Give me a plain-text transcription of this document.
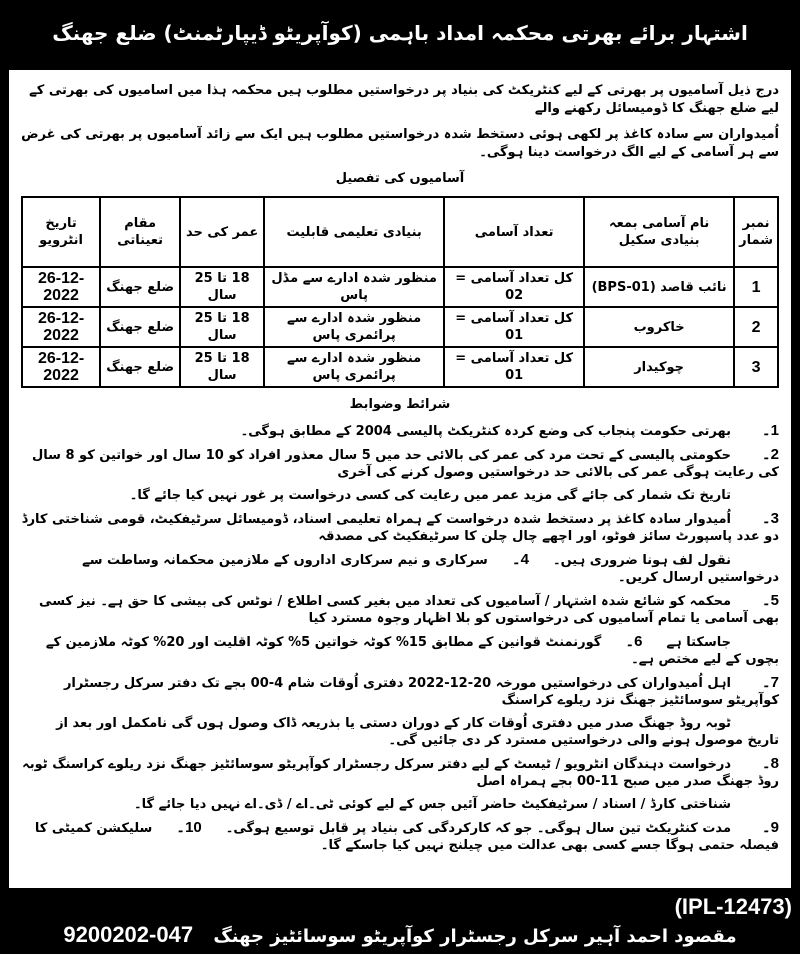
اشتہار برائے بھرتی محکمہ امداد باہمی (کوآپریٹو ڈیپارٹمنٹ) ضلع جھنگ
درج ذیل آسامیوں پر بھرتی کے لیے کنٹریکٹ کی بنیاد پر درخواستیں مطلوب ہیں محکمہ ہذا میں اسامیوں کی بھرتی کے لیے ضلع جھنگ کا ڈومیسائل رکھنے والے
اُمیدواران سے سادہ کاغذ پر لکھی ہوئی دستخط شدہ درخواستیں مطلوب ہیں ایک سے زائد آسامیوں پر بھرتی کی غرض سے ہر آسامی کے لیے الگ درخواست دینا ہوگی۔
آسامیوں کی تفصیل
نمبر شمار	نام آسامی بمعہ بنیادی سکیل	تعداد آسامی	بنیادی تعلیمی قابلیت	عمر کی حد	مقام تعیناتی	تاریخ انٹرویو
1	نائب قاصد (BPS-01)	کل تعداد آسامی = 02	منظور شدہ ادارے سے مڈل پاس	18 تا 25 سال	ضلع جھنگ	26-12-2022
2	خاکروب	کل تعداد آسامی = 01	منظور شدہ ادارے سے پرائمری پاس	18 تا 25 سال	ضلع جھنگ	26-12-2022
3	چوکیدار	کل تعداد آسامی = 01	منظور شدہ ادارے سے پرائمری پاس	18 تا 25 سال	ضلع جھنگ	26-12-2022
شرائط وضوابط
1۔بھرتی حکومت پنجاب کی وضع کردہ کنٹریکٹ پالیسی 2004 کے مطابق ہوگی۔
2۔حکومتی پالیسی کے تحت مرد کی عمر کی بالائی حد میں 5 سال معذور افراد کو 10 سال اور خواتین کو 8 سال کی رعایت ہوگی عمر کی بالائی حد درخواستیں وصول کرنے کی آخری
تاریخ تک شمار کی جائے گی مزید عمر میں رعایت کی کسی درخواست پر غور نہیں کیا جائے گا۔
3۔اُمیدوار سادہ کاغذ پر دستخط شدہ درخواست کے ہمراہ تعلیمی اسناد، ڈومیسائل سرٹیفکیٹ، قومی شناختی کارڈ دو عدد پاسپورٹ سائز فوٹو، اور اچھے چال چلن کا سرٹیفکیٹ کی مصدقہ
نقول لف ہونا ضروری ہیں۔4۔سرکاری و نیم سرکاری اداروں کے ملازمین محکمانہ وساطت سے درخواستیں ارسال کریں۔
5۔محکمہ کو شائع شدہ اشتہار / آسامیوں کی تعداد میں بغیر کسی اطلاع / نوٹس کی بیشی کا حق ہے۔ نیز کسی بھی آسامی یا تمام آسامیوں کی درخواستوں کو بلا اظہار وجوہ مسترد کیا
جاسکتا ہے6۔گورنمنٹ قوانین کے مطابق 15% کوٹہ خواتین 5% کوٹہ اقلیت اور 20% کوٹہ ملازمین کے بچوں کے لیے مختص ہے۔
7۔اہل اُمیدواران کی درخواستیں مورخہ 20-12-2022 دفتری اُوقات شام 4-00 بجے تک دفتر سرکل رجسٹرار کوآپریٹو سوسائٹیز جھنگ نزد ریلوے کراسنگ
ٹوبہ روڈ جھنگ صدر میں دفتری اُوقات کار کے دوران دستی یا بذریعہ ڈاک وصول ہوں گی نامکمل اور بعد از تاریخ موصول ہونے والی درخواستیں مسترد کر دی جائیں گی۔
8۔درخواست دہندگان انٹرویو / ٹیسٹ کے لیے دفتر سرکل رجسٹرار کوآپریٹو سوسائٹیز جھنگ نزد ریلوے کراسنگ ٹوبہ روڈ جھنگ صدر میں صبح 11-00 بجے ہمراہ اصل
شناختی کارڈ / اسناد / سرٹیفکیٹ حاضر آئیں جس کے لیے کوئی ٹی۔اے / ڈی۔اے نہیں دیا جائے گا۔
9۔مدت کنٹریکٹ تین سال ہوگی۔ جو کہ کارکردگی کی بنیاد پر قابل توسیع ہوگی۔10۔سلیکشن کمیٹی کا فیصلہ حتمی ہوگا جسے کسی بھی عدالت میں چیلنج نہیں کیا جاسکے گا۔
(IPL-12473)
مقصود احمد آہیر سرکل رجسٹرار کوآپریٹو سوسائٹیز جھنگ 047-9200202
